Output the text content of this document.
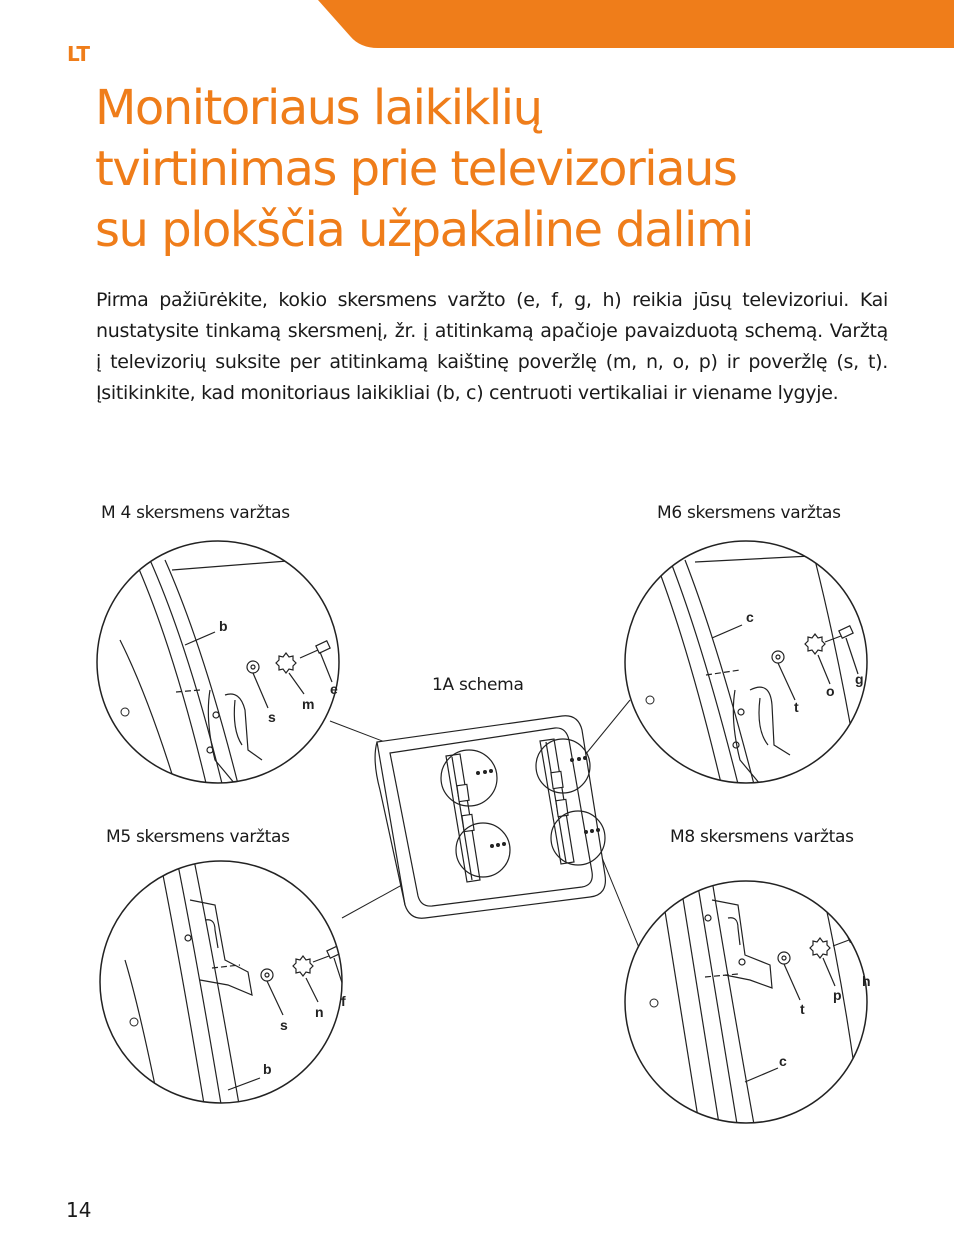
LT
Monitoriaus laikiklių
tvirtinimas prie televizoriaus
su plokščia užpakaline dalimi

Pirma pažiūrėkite, kokio skersmens varžto (e, f, g, h) reikia jūsų televizoriui. Kai nustatysite tinkamą skersmenį, žr. į atitinkamą apačioje pavaizduotą schemą. Varžtą į televizorių suksite per atitinkamą kaištinę poveržlę (m, n, o, p) ir poveržlę (s, t). Įsitikinkite, kad monitoriaus laikikliai (b, c) centruoti vertikaliai ir viename lygyje.

M 4 skersmens varžtas	M6 skersmens varžtas
M5 skersmens varžtas	M8 skersmens varžtas
1A schema
b
s
m
e
c
t
o
g
s
n
f
b
t
p
h
c
14
